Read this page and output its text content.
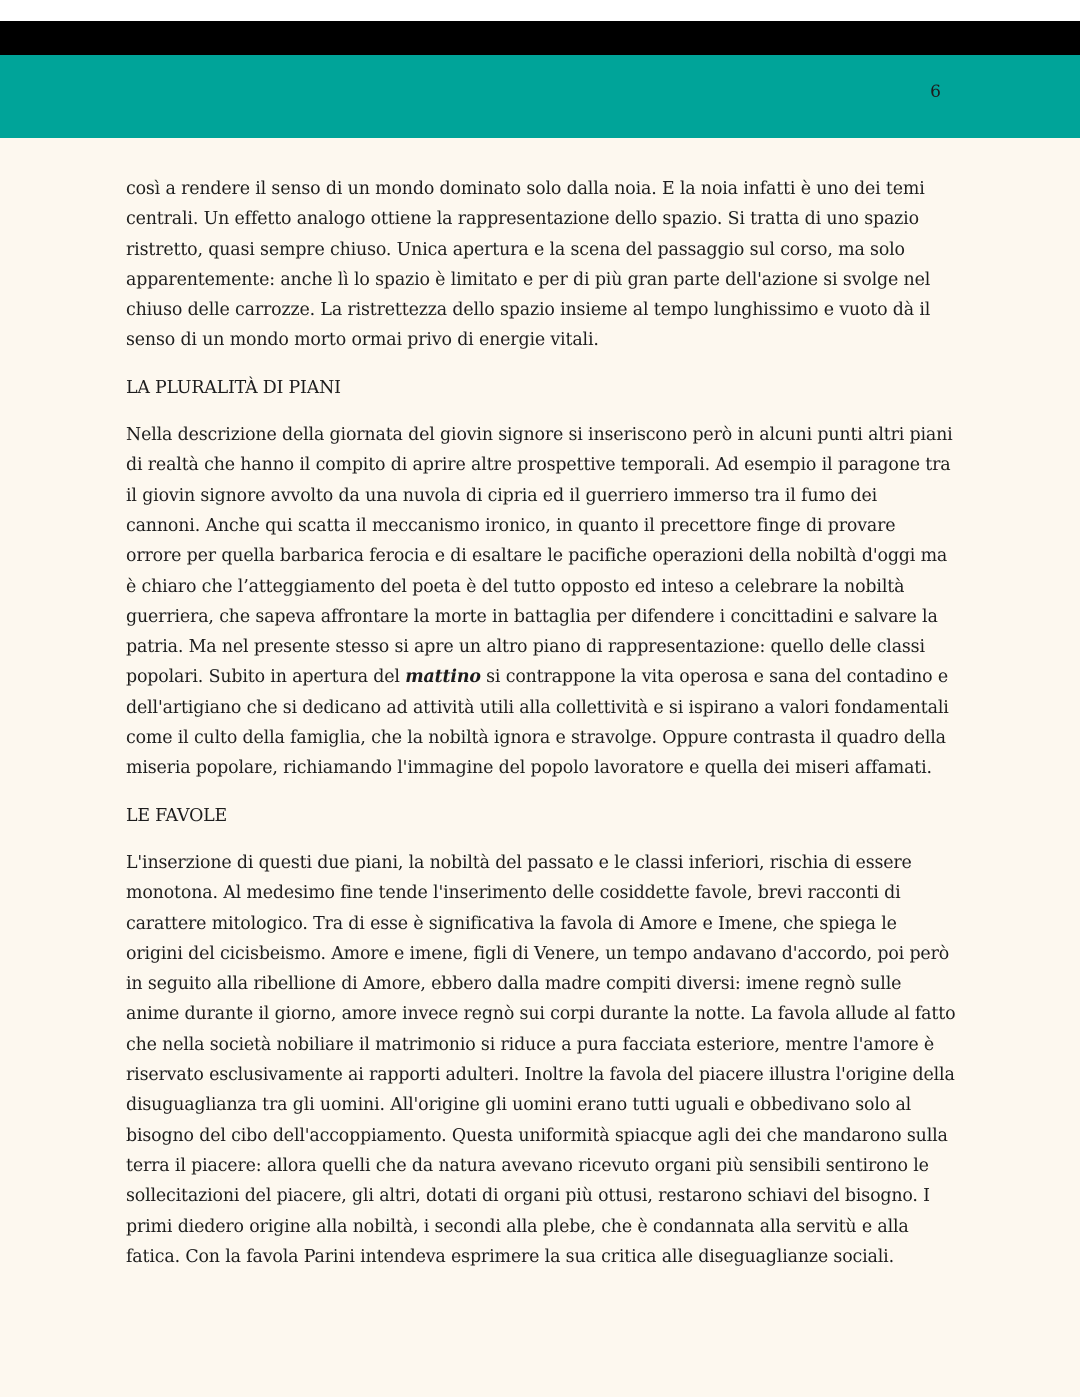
6

così a rendere il senso di un mondo dominato solo dalla noia. E la noia infatti è uno dei temi centrali. Un effetto analogo ottiene la rappresentazione dello spazio. Si tratta di uno spazio ristretto, quasi sempre chiuso. Unica apertura e la scena del passaggio sul corso, ma solo apparentemente: anche lì lo spazio è limitato e per di più gran parte dell'azione si svolge nel chiuso delle carrozze. La ristrettezza dello spazio insieme al tempo lunghissimo e vuoto dà il senso di un mondo morto ormai privo di energie vitali.

LA PLURALITÀ DI PIANI

Nella descrizione della giornata del giovin signore si inseriscono però in alcuni punti altri piani di realtà che hanno il compito di aprire altre prospettive temporali. Ad esempio il paragone tra il giovin signore avvolto da una nuvola di cipria ed il guerriero immerso tra il fumo dei cannoni. Anche qui scatta il meccanismo ironico, in quanto il precettore finge di provare orrore per quella barbarica ferocia e di esaltare le pacifiche operazioni della nobiltà d'oggi ma è chiaro che l’atteggiamento del poeta è del tutto opposto ed inteso a celebrare la nobiltà guerriera, che sapeva affrontare la morte in battaglia per difendere i concittadini e salvare la patria. Ma nel presente stesso si apre un altro piano di rappresentazione: quello delle classi popolari. Subito in apertura del mattino si contrappone la vita operosa e sana del contadino e dell'artigiano che si dedicano ad attività utili alla collettività e si ispirano a valori fondamentali come il culto della famiglia, che la nobiltà ignora e stravolge. Oppure contrasta il quadro della miseria popolare, richiamando l'immagine del popolo lavoratore e quella dei miseri affamati.

LE FAVOLE

L'inserzione di questi due piani, la nobiltà del passato e le classi inferiori, rischia di essere monotona. Al medesimo fine tende l'inserimento delle cosiddette favole, brevi racconti di carattere mitologico. Tra di esse è significativa la favola di Amore e Imene, che spiega le origini del cicisbeismo. Amore e imene, figli di Venere, un tempo andavano d'accordo, poi però in seguito alla ribellione di Amore, ebbero dalla madre compiti diversi: imene regnò sulle anime durante il giorno, amore invece regnò sui corpi durante la notte. La favola allude al fatto che nella società nobiliare il matrimonio si riduce a pura facciata esteriore, mentre l'amore è riservato esclusivamente ai rapporti adulteri. Inoltre la favola del piacere illustra l'origine della disuguaglianza tra gli uomini. All'origine gli uomini erano tutti uguali e obbedivano solo al bisogno del cibo dell'accoppiamento. Questa uniformità spiacque agli dei che mandarono sulla terra il piacere: allora quelli che da natura avevano ricevuto organi più sensibili sentirono le sollecitazioni del piacere, gli altri, dotati di organi più ottusi, restarono schiavi del bisogno. I primi diedero origine alla nobiltà, i secondi alla plebe, che è condannata alla servitù e alla fatica. Con la favola Parini intendeva esprimere la sua critica alle diseguaglianze sociali.
